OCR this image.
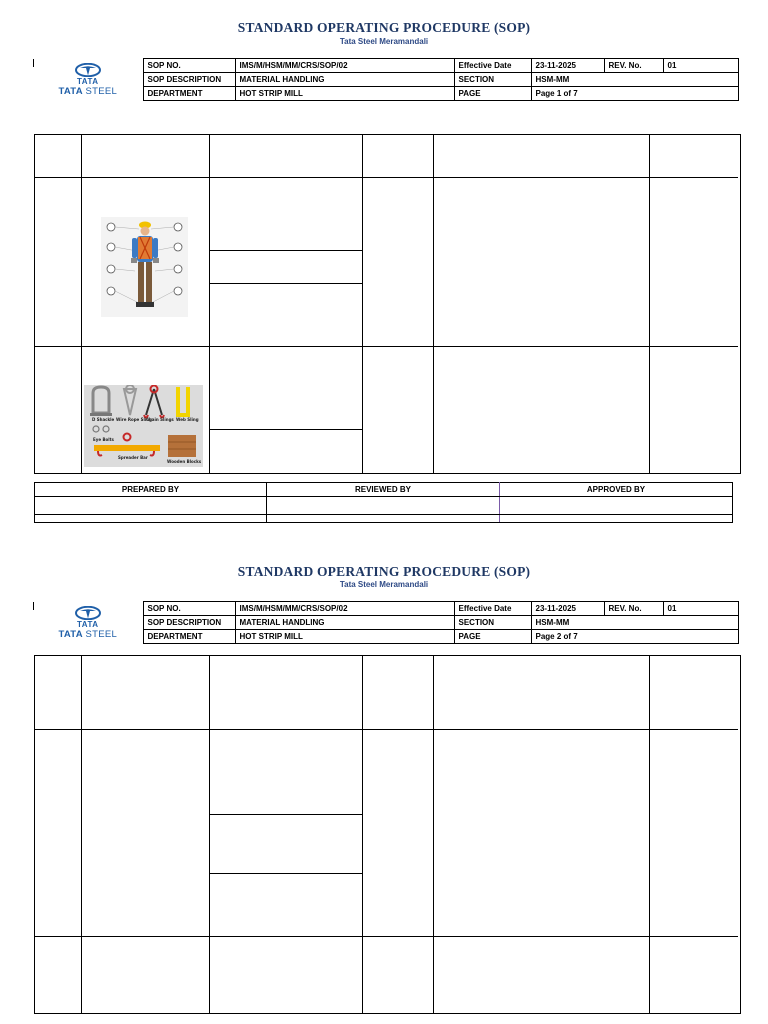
STANDARD OPERATING PROCEDURE (SOP)
Tata Steel Meramandali
TATA
TATA STEEL	SOP NO.	IMS/M/HSM/MM/CRS/SOP/02	Effective Date	23-11-2025	REV. No.	01
	SOP DESCRIPTION	MATERIAL HANDLING	SECTION	HSM-MM		
	DEPARTMENT	HOT STRIP MILL	PAGE	Page 1 of 7		
D Shackle Wire Rope Sling
Chain Slings Web Sling
Eye Bolts
Spreader Bar
Wooden Blocks
PREPARED BY	REVIEWED BY	APPROVED BY

STANDARD OPERATING PROCEDURE (SOP)
Tata Steel Meramandali
TATA
TATA STEEL	SOP NO.	IMS/M/HSM/MM/CRS/SOP/02	Effective Date	23-11-2025	REV. No.	01
	SOP DESCRIPTION	MATERIAL HANDLING	SECTION	HSM-MM		
	DEPARTMENT	HOT STRIP MILL	PAGE	Page 2 of 7		
